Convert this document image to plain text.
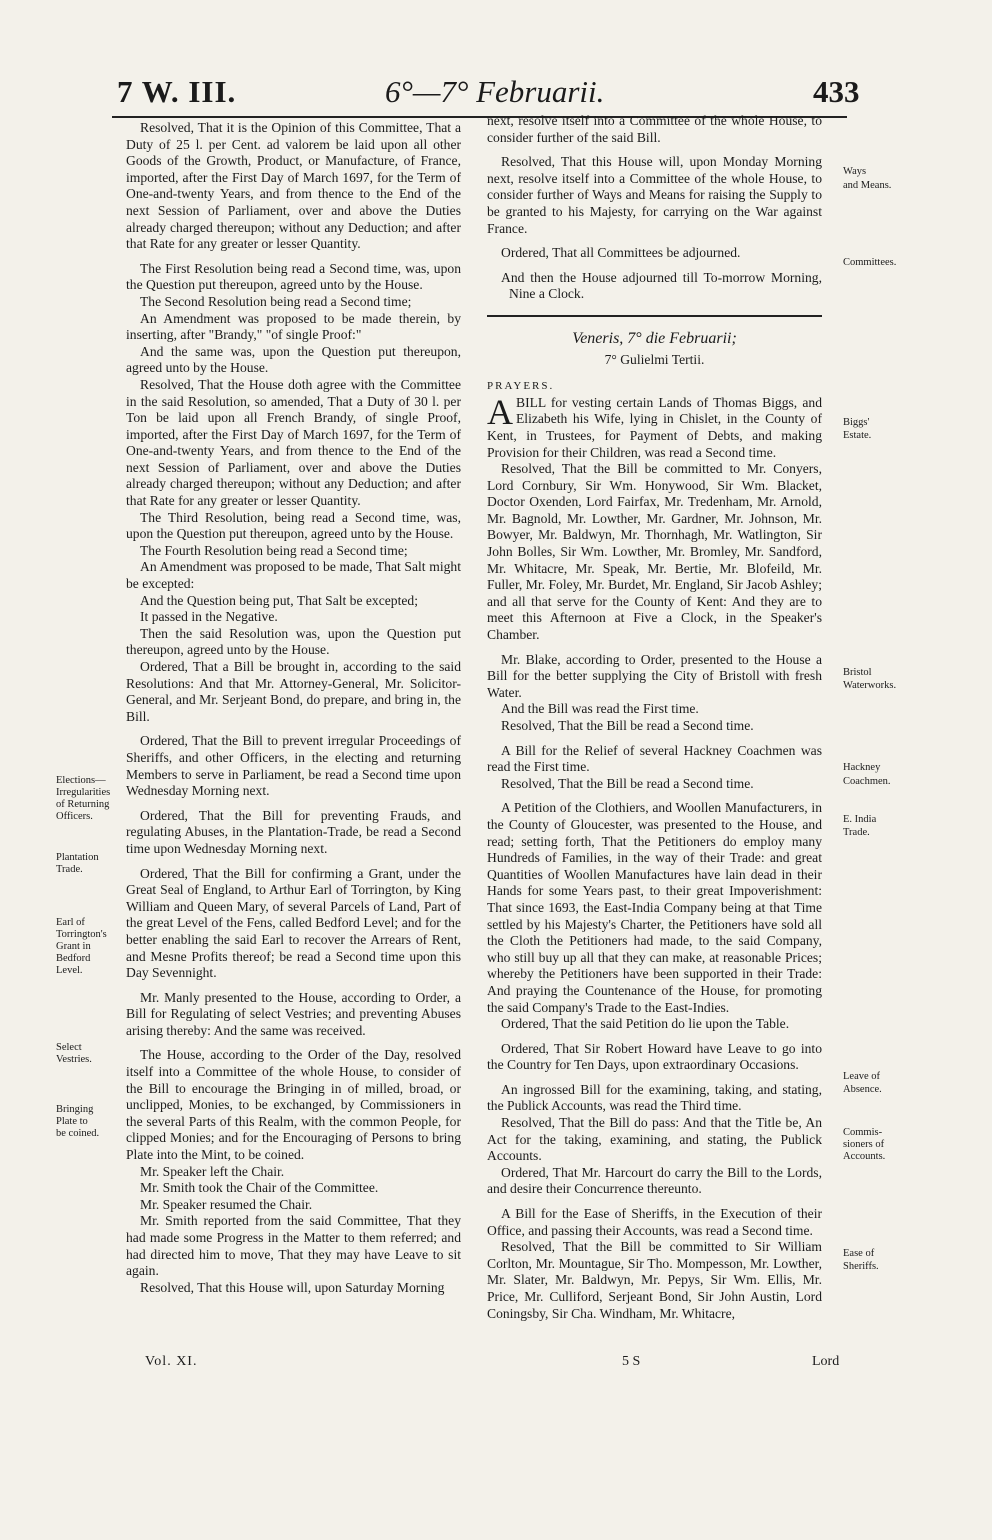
7 W. III.	6°—7° Februarii.	433

Resolved, That it is the Opinion of this Committee, That a Duty of 25 l. per Cent. ad valorem be laid upon all other Goods of the Growth, Product, or Manufacture, of France, imported, after the First Day of March 1697, for the Term of One-and-twenty Years, and from thence to the End of the next Session of Parliament, over and above the Duties already charged thereupon; without any Deduction; and after that Rate for any greater or lesser Quantity.

The First Resolution being read a Second time, was, upon the Question put thereupon, agreed unto by the House.

The Second Resolution being read a Second time;

An Amendment was proposed to be made therein, by inserting, after "Brandy," "of single Proof:"

And the same was, upon the Question put thereupon, agreed unto by the House.

Resolved, That the House doth agree with the Committee in the said Resolution, so amended, That a Duty of 30 l. per Ton be laid upon all French Brandy, of single Proof, imported, after the First Day of March 1697, for the Term of One-and-twenty Years, and from thence to the End of the next Session of Parliament, over and above the Duties already charged thereupon; without any Deduction; and after that Rate for any greater or lesser Quantity.

The Third Resolution, being read a Second time, was, upon the Question put thereupon, agreed unto by the House.

The Fourth Resolution being read a Second time;

An Amendment was proposed to be made, That Salt might be excepted:

And the Question being put, That Salt be excepted;

It passed in the Negative.

Then the said Resolution was, upon the Question put thereupon, agreed unto by the House.

Ordered, That a Bill be brought in, according to the said Resolutions: And that Mr. Attorney-General, Mr. Solicitor-General, and Mr. Serjeant Bond, do prepare, and bring in, the Bill.

Ordered, That the Bill to prevent irregular Proceedings of Sheriffs, and other Officers, in the electing and returning Members to serve in Parliament, be read a Second time upon Wednesday Morning next.

Ordered, That the Bill for preventing Frauds, and regulating Abuses, in the Plantation-Trade, be read a Second time upon Wednesday Morning next.

Ordered, That the Bill for confirming a Grant, under the Great Seal of England, to Arthur Earl of Torrington, by King William and Queen Mary, of several Parcels of Land, Part of the great Level of the Fens, called Bedford Level; and for the better enabling the said Earl to recover the Arrears of Rent, and Mesne Profits thereof; be read a Second time upon this Day Sevennight.

Mr. Manly presented to the House, according to Order, a Bill for Regulating of select Vestries; and preventing Abuses arising thereby: And the same was received.

The House, according to the Order of the Day, resolved itself into a Committee of the whole House, to consider of the Bill to encourage the Bringing in of milled, broad, or unclipped, Monies, to be exchanged, by Commissioners in the several Parts of this Realm, with the common People, for clipped Monies; and for the Encouraging of Persons to bring Plate into the Mint, to be coined.

Mr. Speaker left the Chair.

Mr. Smith took the Chair of the Committee.

Mr. Speaker resumed the Chair.

Mr. Smith reported from the said Committee, That they had made some Progress in the Matter to them referred; and had directed him to move, That they may have Leave to sit again.

Resolved, That this House will, upon Saturday Morning

next, resolve itself into a Committee of the whole House, to consider further of the said Bill.

Resolved, That this House will, upon Monday Morning next, resolve itself into a Committee of the whole House, to consider further of Ways and Means for raising the Supply to be granted to his Majesty, for carrying on the War against France.

Ordered, That all Committees be adjourned.

And then the House adjourned till To-morrow Morning, Nine a Clock.

Veneris, 7° die Februarii;

7° Gulielmi Tertii.

PRAYERS.

ABILL for vesting certain Lands of Thomas Biggs, and Elizabeth his Wife, lying in Chislet, in the County of Kent, in Trustees, for Payment of Debts, and making Provision for their Children, was read a Second time.

Resolved, That the Bill be committed to Mr. Conyers, Lord Cornbury, Sir Wm. Honywood, Sir Wm. Blacket, Doctor Oxenden, Lord Fairfax, Mr. Tredenham, Mr. Arnold, Mr. Bagnold, Mr. Lowther, Mr. Gardner, Mr. Johnson, Mr. Bowyer, Mr. Baldwyn, Mr. Thornhagh, Mr. Watlington, Sir John Bolles, Sir Wm. Lowther, Mr. Bromley, Mr. Sandford, Mr. Whitacre, Mr. Speak, Mr. Bertie, Mr. Blofeild, Mr. Fuller, Mr. Foley, Mr. Burdet, Mr. England, Sir Jacob Ashley; and all that serve for the County of Kent: And they are to meet this Afternoon at Five a Clock, in the Speaker's Chamber.

Mr. Blake, according to Order, presented to the House a Bill for the better supplying the City of Bristoll with fresh Water.

And the Bill was read the First time.

Resolved, That the Bill be read a Second time.

A Bill for the Relief of several Hackney Coachmen was read the First time.

Resolved, That the Bill be read a Second time.

A Petition of the Clothiers, and Woollen Manufacturers, in the County of Gloucester, was presented to the House, and read; setting forth, That the Petitioners do employ many Hundreds of Families, in the way of their Trade: and great Quantities of Woollen Manufactures have lain dead in their Hands for some Years past, to their great Impoverishment: That since 1693, the East-India Company being at that Time settled by his Majesty's Charter, the Petitioners have sold all the Cloth the Petitioners had made, to the said Company, who still buy up all that they can make, at reasonable Prices; whereby the Petitioners have been supported in their Trade: And praying the Countenance of the House, for promoting the said Company's Trade to the East-Indies.

Ordered, That the said Petition do lie upon the Table.

Ordered, That Sir Robert Howard have Leave to go into the Country for Ten Days, upon extraordinary Occasions.

An ingrossed Bill for the examining, taking, and stating, the Publick Accounts, was read the Third time.

Resolved, That the Bill do pass: And that the Title be, An Act for the taking, examining, and stating, the Publick Accounts.

Ordered, That Mr. Harcourt do carry the Bill to the Lords, and desire their Concurrence thereunto.

A Bill for the Ease of Sheriffs, in the Execution of their Office, and passing their Accounts, was read a Second time.

Resolved, That the Bill be committed to Sir William Corlton, Mr. Mountague, Sir Tho. Mompesson, Mr. Lowther, Mr. Slater, Mr. Baldwyn, Mr. Pepys, Sir Wm. Ellis, Mr. Price, Mr. Culliford, Serjeant Bond, Sir John Austin, Lord Coningsby, Sir Cha. Windham, Mr. Whitacre,

Elections—
Irregularities
of Returning
Officers.
Plantation
Trade.
Earl of
Torrington's
Grant in
Bedford
Level.
Select
Vestries.
Bringing
Plate to
be coined.
Ways
and Means.
Committees.
Biggs'
Estate.
Bristol
Waterworks.
Hackney
Coachmen.
E. India
Trade.
Leave of
Absence.
Commis-
sioners of
Accounts.
Ease of
Sheriffs.
Vol. XI.	5 S	Lord
